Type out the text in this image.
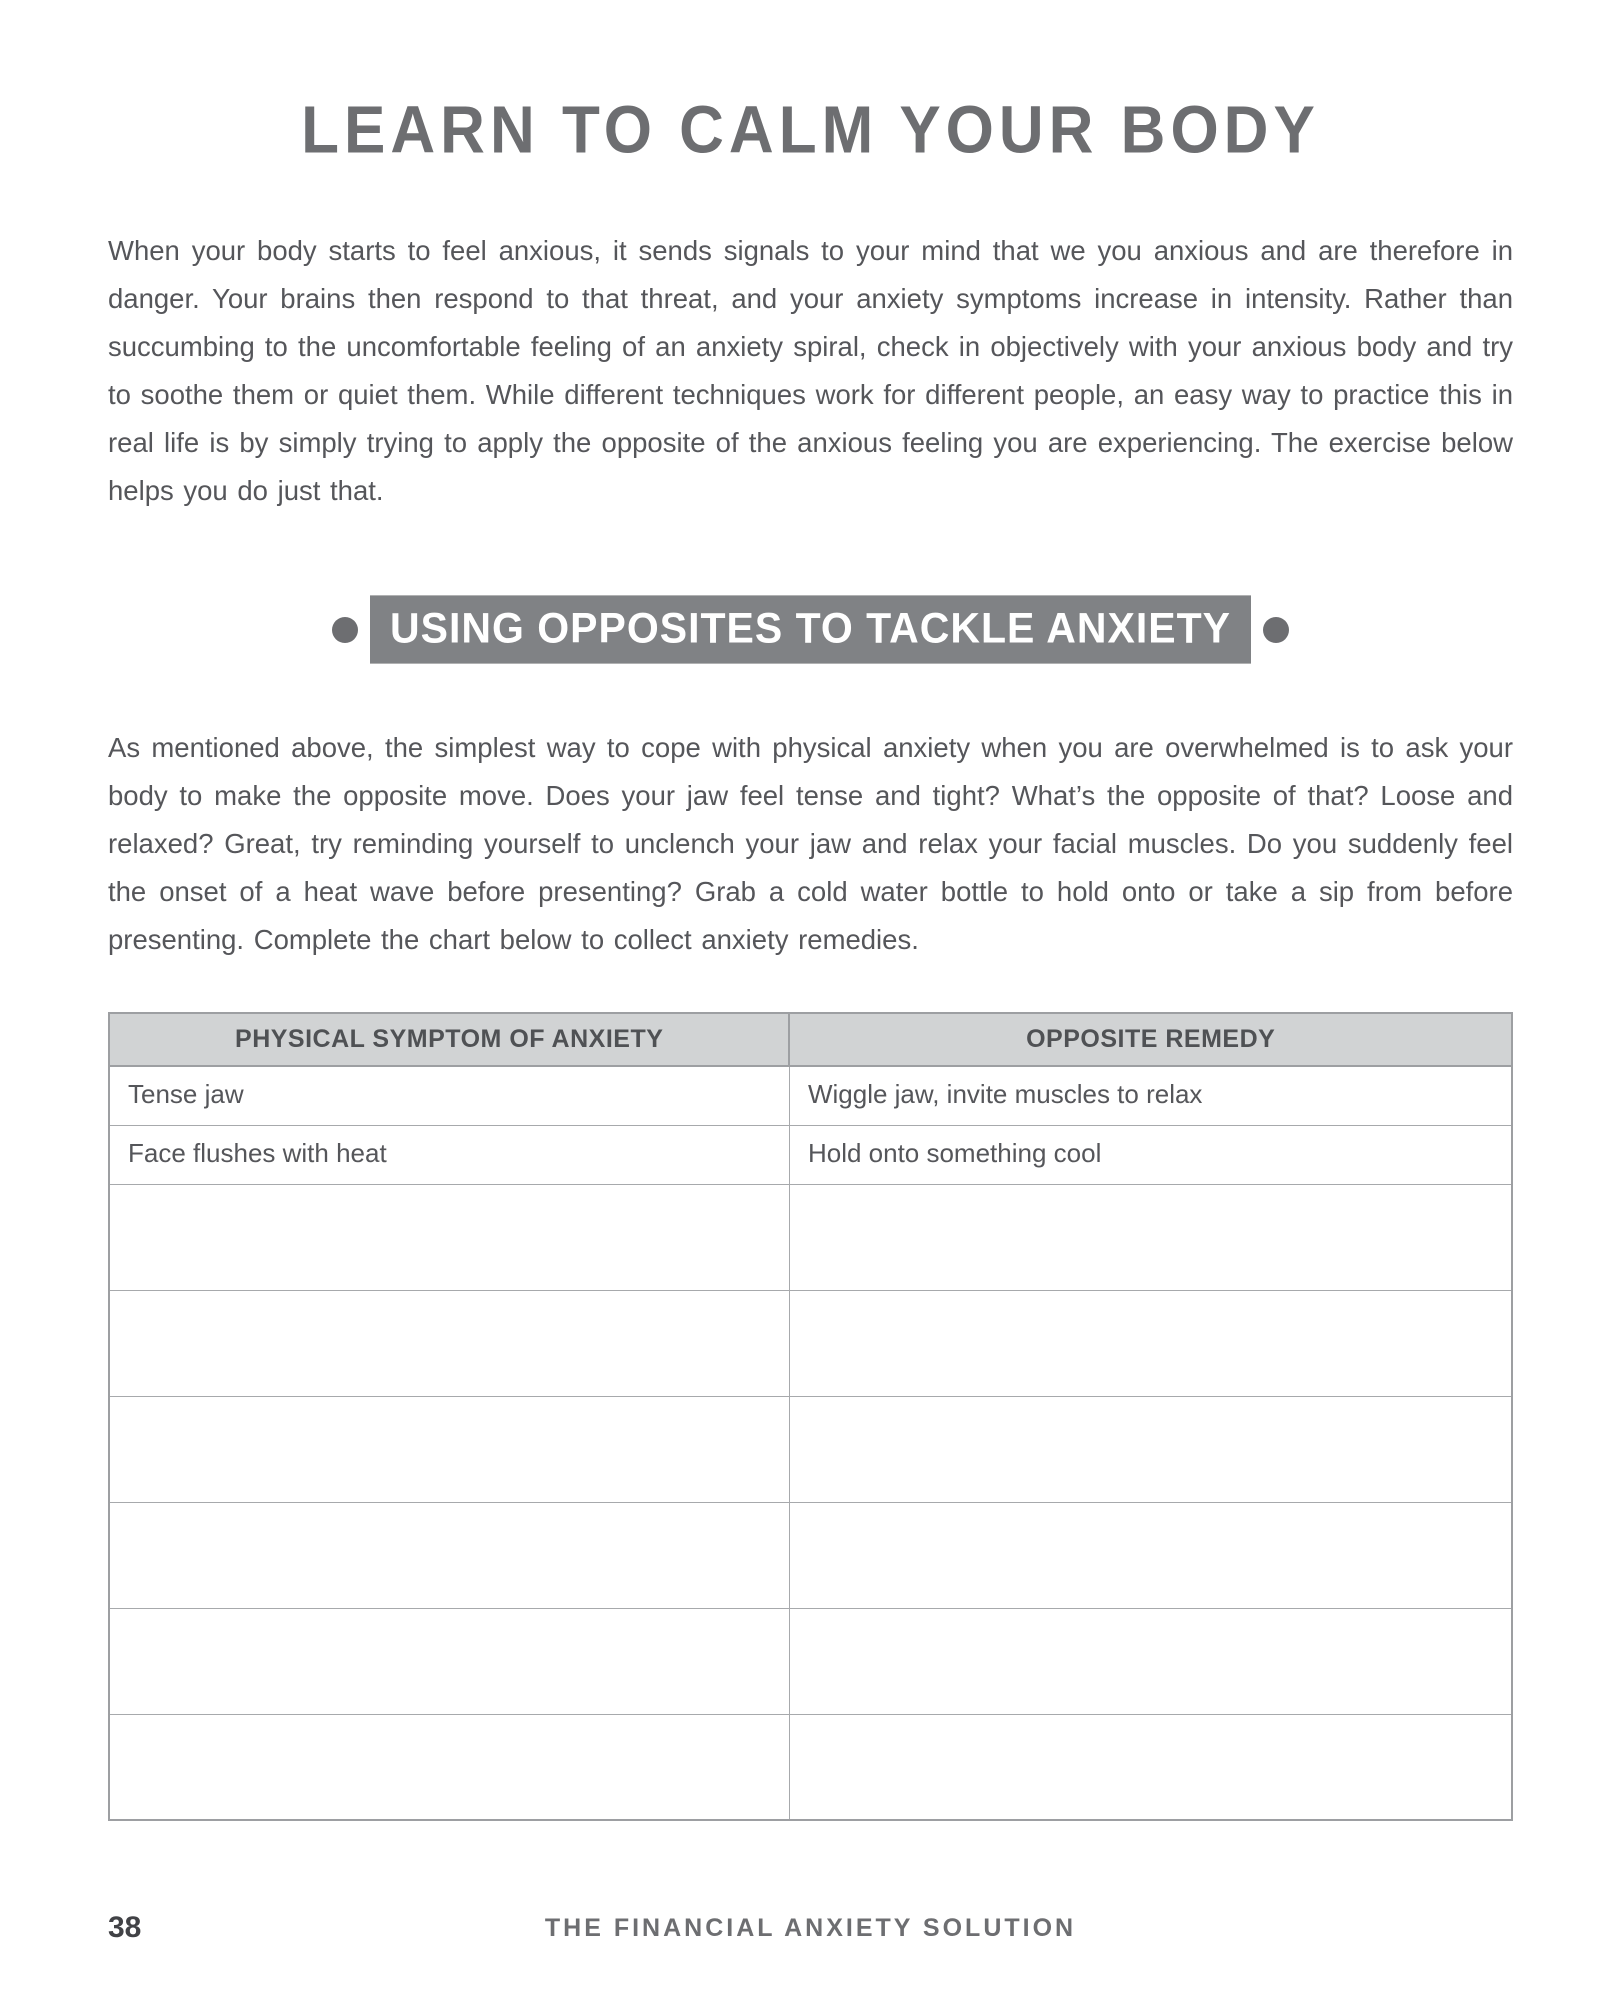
LEARN TO CALM YOUR BODY

When your body starts to feel anxious, it sends signals to your mind that we you anxious and are therefore in danger. Your brains then respond to that threat, and your anxiety symptoms increase in intensity. Rather than succumbing to the uncomfortable feeling of an anxiety spiral, check in objectively with your anxious body and try to soothe them or quiet them. While different techniques work for different people, an easy way to practice this in real life is by simply trying to apply the opposite of the anxious feeling you are experiencing. The exercise below helps you do just that.

USING OPPOSITES TO TACKLE ANXIETY

As mentioned above, the simplest way to cope with physical anxiety when you are overwhelmed is to ask your body to make the opposite move. Does your jaw feel tense and tight? What’s the opposite of that? Loose and relaxed? Great, try reminding yourself to unclench your jaw and relax your facial muscles. Do you suddenly feel the onset of a heat wave before presenting? Grab a cold water bottle to hold onto or take a sip from before presenting. Complete the chart below to collect anxiety remedies.

PHYSICAL SYMPTOM OF ANXIETY	OPPOSITE REMEDY
Tense jaw	Wiggle jaw, invite muscles to relax
Face flushes with heat	Hold onto something cool

38	THE FINANCIAL ANXIETY SOLUTION
